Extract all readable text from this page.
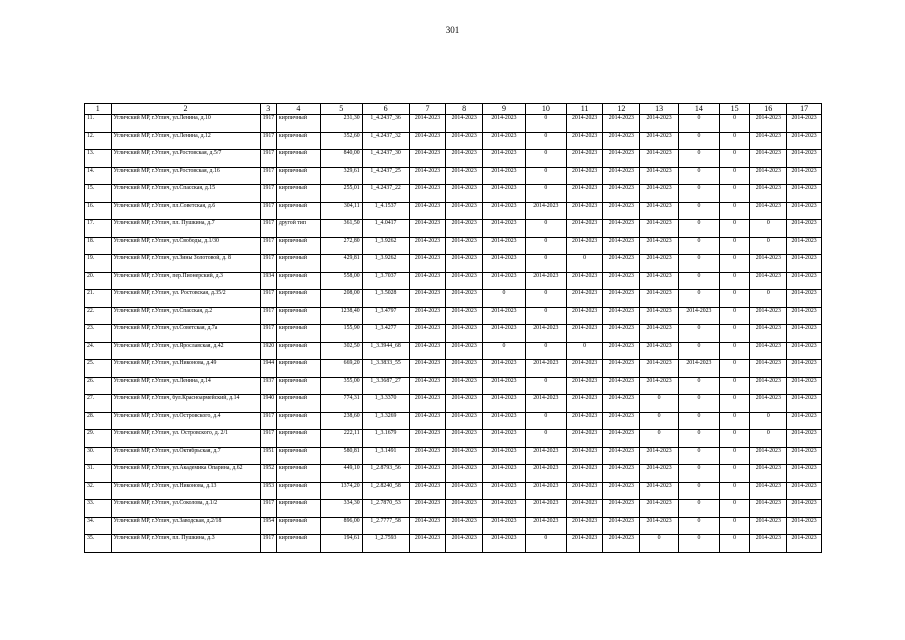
301
1	2	3	4	5	6	7	8	9	10	11	12	13	14	15	16	17
11.	Угличский МР, г.Углич, ул.Ленина, д.10	1917	кирпичный	231,30	1_4.2437_36	2014-2023	2014-2023	2014-2023	0	2014-2023	2014-2023	2014-2023	0	0	2014-2023	2014-2023
12.	Угличский МР, г.Углич, ул.Ленина, д.12	1917	кирпичный	352,60	1_4.2437_32	2014-2023	2014-2023	2014-2023	0	2014-2023	2014-2023	2014-2023	0	0	2014-2023	2014-2023
13.	Угличский МР, г.Углич, ул.Ростовская, д.5/7	1917	кирпичный	840,00	1_4.2437_30	2014-2023	2014-2023	2014-2023	0	2014-2023	2014-2023	2014-2023	0	0	2014-2023	2014-2023
14.	Угличский МР, г.Углич, ул.Ростовская, д.16	1917	кирпичный	329,61	1_4.2437_25	2014-2023	2014-2023	2014-2023	0	2014-2023	2014-2023	2014-2023	0	0	2014-2023	2014-2023
15.	Угличский МР, г.Углич, ул.Спасская, д.15	1917	кирпичный	255,01	1_4.2437_22	2014-2023	2014-2023	2014-2023	0	2014-2023	2014-2023	2014-2023	0	0	2014-2023	2014-2023
16.	Угличский МР, г.Углич, пл.Советская, д.6	1917	кирпичный	304,11	1_4.1537	2014-2023	2014-2023	2014-2023	2014-2023	2014-2023	2014-2023	2014-2023	0	0	2014-2023	2014-2023
17.	Угличский МР, г.Углич, пл. Пушкина, д.7	1917	другой тип	361,50	1_4.0417	2014-2023	2014-2023	2014-2023	0	2014-2023	2014-2023	2014-2023	0	0	0	2014-2023
18.	Угличский МР, г.Углич, ул.Свободы, д.1/30	1917	кирпичный	272,80	1_3.9262	2014-2023	2014-2023	2014-2023	0	2014-2023	2014-2023	2014-2023	0	0	0	2014-2023
19.	Угличский МР, г.Углич, ул.Зины Золотовой, д. 8	1917	кирпичный	429,81	1_3.9262	2014-2023	2014-2023	2014-2023	0	0	2014-2023	2014-2023	0	0	2014-2023	2014-2023
20.	Угличский МР, г.Углич, пер.Пионерский, д.3	1934	кирпичный	558,00	1_3.7037	2014-2023	2014-2023	2014-2023	2014-2023	2014-2023	2014-2023	2014-2023	0	0	2014-2023	2014-2023
21.	Угличский МР, г.Углич, ул. Ростовская, д.35/2	1917	кирпичный	208,00	1_3.5028	2014-2023	2014-2023	0	0	2014-2023	2014-2023	2014-2023	0	0	0	2014-2023
22.	Угличский МР, г.Углич, ул.Спасская, д.2	1917	кирпичный	1238,40	1_3.4797	2014-2023	2014-2023	2014-2023	0	2014-2023	2014-2023	2014-2023	2014-2023	0	2014-2023	2014-2023
23.	Угличский МР, г.Углич, ул.Советская, д.7а	1917	кирпичный	155,90	1_3.4277	2014-2023	2014-2023	2014-2023	2014-2023	2014-2023	2014-2023	2014-2023	0	0	2014-2023	2014-2023
24.	Угличский МР, г.Углич, ул.Ярославская, д.42	1920	кирпичный	302,50	1_3.3944_68	2014-2023	2014-2023	0	0	0	2014-2023	2014-2023	0	0	2014-2023	2014-2023
25.	Угличский МР, г.Углич, ул.Никонова, д.49	1944	кирпичный	669,20	1_3.3833_55	2014-2023	2014-2023	2014-2023	2014-2023	2014-2023	2014-2023	2014-2023	2014-2023	0	2014-2023	2014-2023
26.	Угличский МР, г.Углич, ул.Ленина, д.14	1937	кирпичный	355,00	1_3.3687_27	2014-2023	2014-2023	2014-2023	0	2014-2023	2014-2023	2014-2023	0	0	2014-2023	2014-2023
27.	Угличский МР, г.Углич, бул.Красноармейский, д.14	1940	кирпичный	774,31	1_3.3370	2014-2023	2014-2023	2014-2023	2014-2023	2014-2023	2014-2023	0	0	0	2014-2023	2014-2023
28.	Угличский МР, г.Углич, ул.Островского, д.4	1917	кирпичный	238,60	1_3.3269	2014-2023	2014-2023	2014-2023	0	2014-2023	2014-2023	0	0	0	0	2014-2023
29.	Угличский МР, г.Углич, ул. Островского, д. 2/1	1917	кирпичный	222,11	1_3.1679	2014-2023	2014-2023	2014-2023	0	2014-2023	2014-2023	0	0	0	0	2014-2023
30.	Угличский МР, г.Углич, ул.Октябрьская, д.7	1951	кирпичный	580,81	1_3.1491	2014-2023	2014-2023	2014-2023	2014-2023	2014-2023	2014-2023	2014-2023	0	0	2014-2023	2014-2023
31.	Угличский МР, г.Углич, ул.Академика Опарина, д.62	1952	кирпичный	449,10	1_2.8793_56	2014-2023	2014-2023	2014-2023	2014-2023	2014-2023	2014-2023	2014-2023	0	0	2014-2023	2014-2023
32.	Угличский МР, г.Углич, ул.Никонова, д.13	1953	кирпичный	1374,20	1_2.8240_58	2014-2023	2014-2023	2014-2023	2014-2023	2014-2023	2014-2023	2014-2023	0	0	2014-2023	2014-2023
33.	Угличский МР, г.Углич, ул.Соколова, д.1/2	1917	кирпичный	334,30	1_2.7870_53	2014-2023	2014-2023	2014-2023	2014-2023	2014-2023	2014-2023	2014-2023	0	0	2014-2023	2014-2023
34.	Угличский МР, г.Углич, ул.Заводская, д.2/18	1954	кирпичный	896,00	1_2.7777_58	2014-2023	2014-2023	2014-2023	2014-2023	2014-2023	2014-2023	2014-2023	0	0	2014-2023	2014-2023
35.	Угличский МР, г.Углич, пл. Пушкина, д.3	1917	кирпичный	194,61	1_2.7593	2014-2023	2014-2023	2014-2023	0	2014-2023	2014-2023	0	0	0	2014-2023	2014-2023
